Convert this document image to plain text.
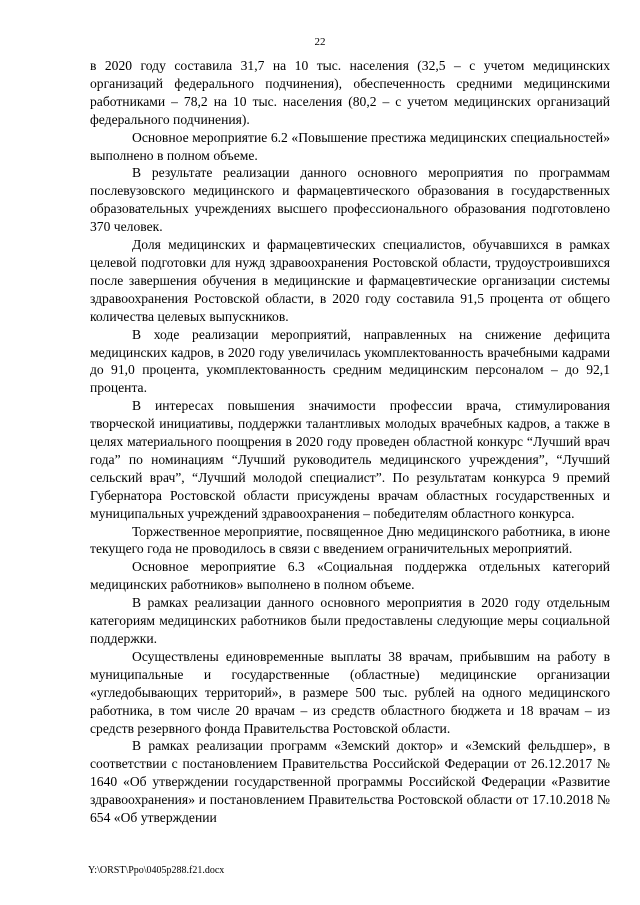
22

в 2020 году составила 31,7 на 10 тыс. населения (32,5 – с учетом медицинских организаций федерального подчинения), обеспеченность средними медицинскими работниками – 78,2 на 10 тыс. населения (80,2 – с учетом медицинских организаций федерального подчинения).

Основное мероприятие 6.2 «Повышение престижа медицинских специальностей» выполнено в полном объеме.

В результате реализации данного основного мероприятия по программам послевузовского медицинского и фармацевтического образования в государственных образовательных учреждениях высшего профессионального образования подготовлено 370 человек.

Доля медицинских и фармацевтических специалистов, обучавшихся в рамках целевой подготовки для нужд здравоохранения Ростовской области, трудоустроившихся после завершения обучения в медицинские и фармацевтические организации системы здравоохранения Ростовской области, в 2020 году составила 91,5 процента от общего количества целевых выпускников.

В ходе реализации мероприятий, направленных на снижение дефицита медицинских кадров, в 2020 году увеличилась укомплектованность врачебными кадрами до 91,0 процента, укомплектованность средним медицинским персоналом – до 92,1 процента.

В интересах повышения значимости профессии врача, стимулирования творческой инициативы, поддержки талантливых молодых врачебных кадров, а также в целях материального поощрения в 2020 году проведен областной конкурс “Лучший врач года” по номинациям “Лучший руководитель медицинского учреждения”, “Лучший сельский врач”, “Лучший молодой специалист”. По результатам конкурса 9 премий Губернатора Ростовской области присуждены врачам областных государственных и муниципальных учреждений здравоохранения – победителям областного конкурса.

Торжественное мероприятие, посвященное Дню медицинского работника, в июне текущего года не проводилось в связи с введением ограничительных мероприятий.

Основное мероприятие 6.3 «Социальная поддержка отдельных категорий медицинских работников» выполнено в полном объеме.

В рамках реализации данного основного мероприятия в 2020 году отдельным категориям медицинских работников были предоставлены следующие меры социальной поддержки.

Осуществлены единовременные выплаты 38 врачам, прибывшим на работу в муниципальные и государственные (областные) медицинские организации «угледобывающих территорий», в размере 500 тыс. рублей на одного медицинского работника, в том числе 20 врачам – из средств областного бюджета и 18 врачам – из средств резервного фонда Правительства Ростовской области.

В рамках реализации программ «Земский доктор» и «Земский фельдшер», в соответствии с постановлением Правительства Российской Федерации от 26.12.2017 № 1640 «Об утверждении государственной программы Российской Федерации «Развитие здравоохранения» и постановлением Правительства Ростовской области от 17.10.2018 № 654 «Об утверждении

Y:\ORST\Ppo\0405p288.f21.docx
